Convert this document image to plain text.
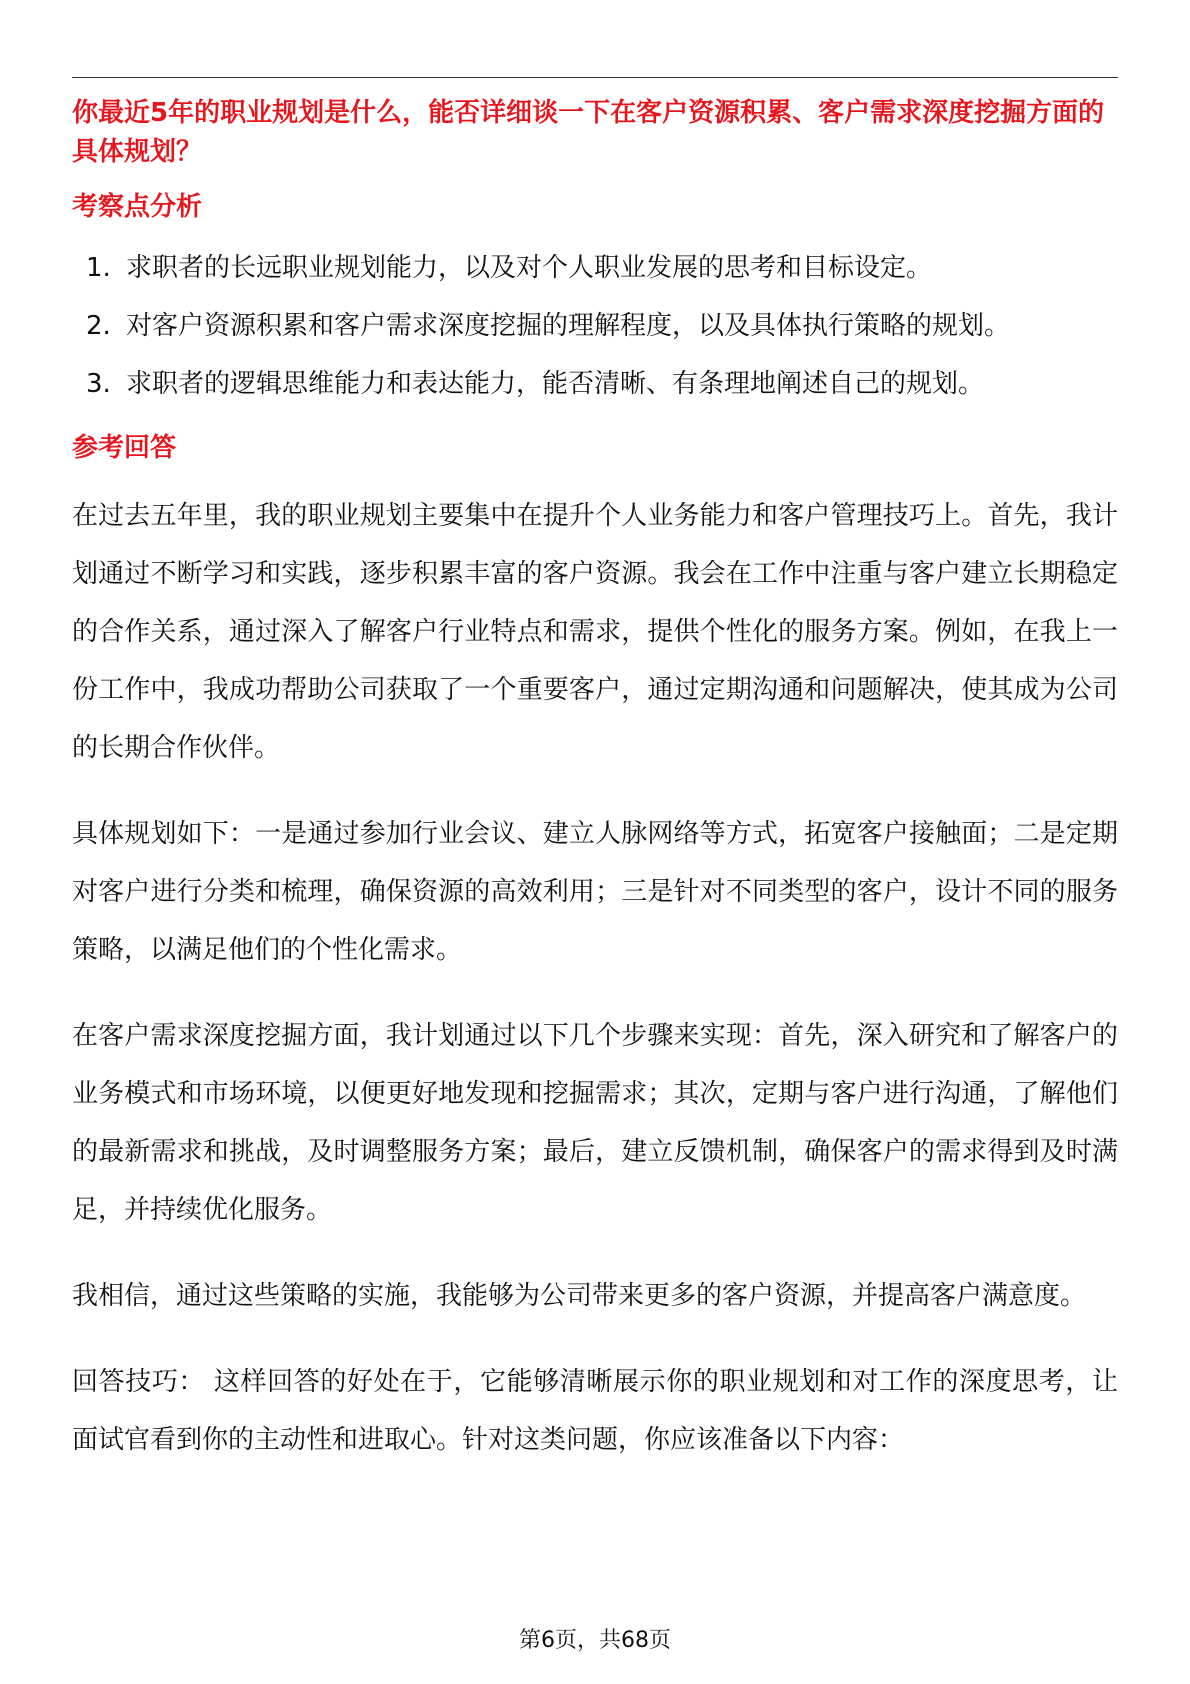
你最近5年的职业规划是什么，能否详细谈一下在客户资源积累、客户需求深度挖掘方面的具体规划？

考察点分析
1. 求职者的长远职业规划能力，以及对个人职业发展的思考和目标设定。
2. 对客户资源积累和客户需求深度挖掘的理解程度，以及具体执行策略的规划。
3. 求职者的逻辑思维能力和表达能力，能否清晰、有条理地阐述自己的规划。
参考回答

在过去五年里，我的职业规划主要集中在提升个人业务能力和客户管理技巧上。首先，我计划通过不断学习和实践，逐步积累丰富的客户资源。我会在工作中注重与客户建立长期稳定的合作关系，通过深入了解客户行业特点和需求，提供个性化的服务方案。例如，在我上一份工作中，我成功帮助公司获取了一个重要客户，通过定期沟通和问题解决，使其成为公司的长期合作伙伴。

具体规划如下：一是通过参加行业会议、建立人脉网络等方式，拓宽客户接触面；二是定期对客户进行分类和梳理，确保资源的高效利用；三是针对不同类型的客户，设计不同的服务策略，以满足他们的个性化需求。

在客户需求深度挖掘方面，我计划通过以下几个步骤来实现：首先，深入研究和了解客户的业务模式和市场环境，以便更好地发现和挖掘需求；其次，定期与客户进行沟通，了解他们的最新需求和挑战，及时调整服务方案；最后，建立反馈机制，确保客户的需求得到及时满足，并持续优化服务。

我相信，通过这些策略的实施，我能够为公司带来更多的客户资源，并提高客户满意度。

回答技巧： 这样回答的好处在于，它能够清晰展示你的职业规划和对工作的深度思考，让面试官看到你的主动性和进取心。针对这类问题，你应该准备以下内容：

第6页，共68页
